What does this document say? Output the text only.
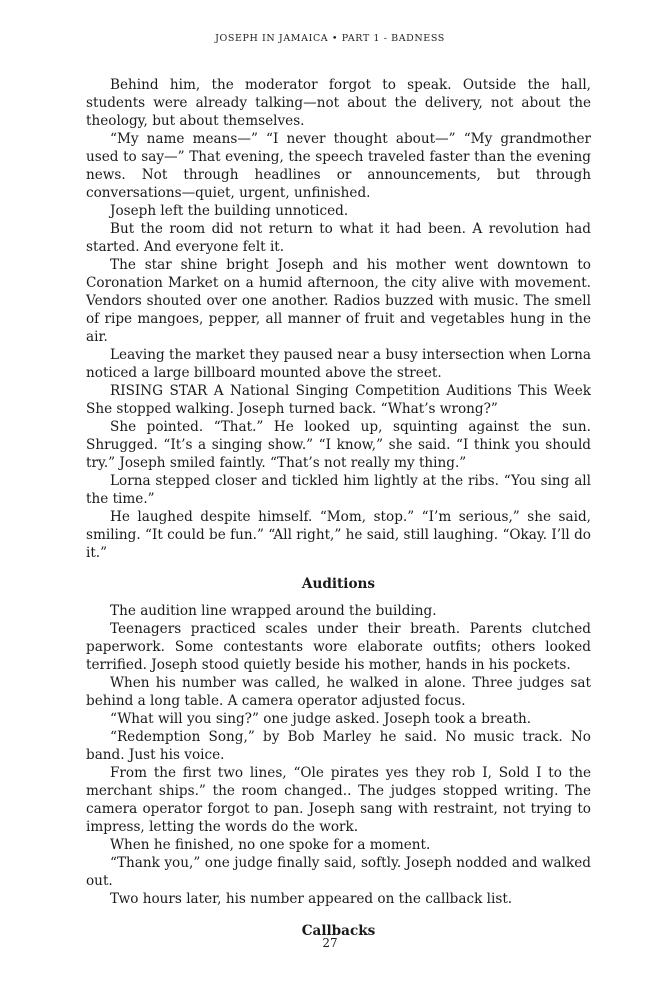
JOSEPH IN JAMAICA • PART 1 - BADNESS

Behind him, the moderator forgot to speak. Outside the hall, students were already talking—not about the delivery, not about the theology, but about themselves.

“My name means—” “I never thought about—” “My grandmother used to say—” That evening, the speech traveled faster than the evening news. Not through headlines or announcements, but through conversations—quiet, urgent, unfinished.

Joseph left the building unnoticed.

But the room did not return to what it had been. A revolution had started. And everyone felt it.

The star shine bright Joseph and his mother went downtown to Coronation Market on a humid afternoon, the city alive with movement. Vendors shouted over one another. Radios buzzed with music. The smell of ripe mangoes, pepper, all manner of fruit and vegetables hung in the air.

Leaving the market they paused near a busy intersection when Lorna noticed a large billboard mounted above the street.

RISING STAR A National Singing Competition Auditions This Week She stopped walking. Joseph turned back. “What’s wrong?”

She pointed. “That.” He looked up, squinting against the sun. Shrugged. “It’s a singing show.” “I know,” she said. “I think you should try.” Joseph smiled faintly. “That’s not really my thing.”

Lorna stepped closer and tickled him lightly at the ribs. “You sing all the time.”

He laughed despite himself. “Mom, stop.” “I’m serious,” she said, smiling. “It could be fun.” “All right,” he said, still laughing. “Okay. I’ll do it.”

Auditions

The audition line wrapped around the building.

Teenagers practiced scales under their breath. Parents clutched paperwork. Some contestants wore elaborate outfits; others looked terrified. Joseph stood quietly beside his mother, hands in his pockets.

When his number was called, he walked in alone. Three judges sat behind a long table. A camera operator adjusted focus.

“What will you sing?” one judge asked. Joseph took a breath.

“Redemption Song,” by Bob Marley he said. No music track. No band. Just his voice.

From the first two lines, “Ole pirates yes they rob I, Sold I to the merchant ships.” the room changed.. The judges stopped writing. The camera operator forgot to pan. Joseph sang with restraint, not trying to impress, letting the words do the work.

When he finished, no one spoke for a moment.

“Thank you,” one judge finally said, softly. Joseph nodded and walked out.

Two hours later, his number appeared on the callback list.

Callbacks
27
